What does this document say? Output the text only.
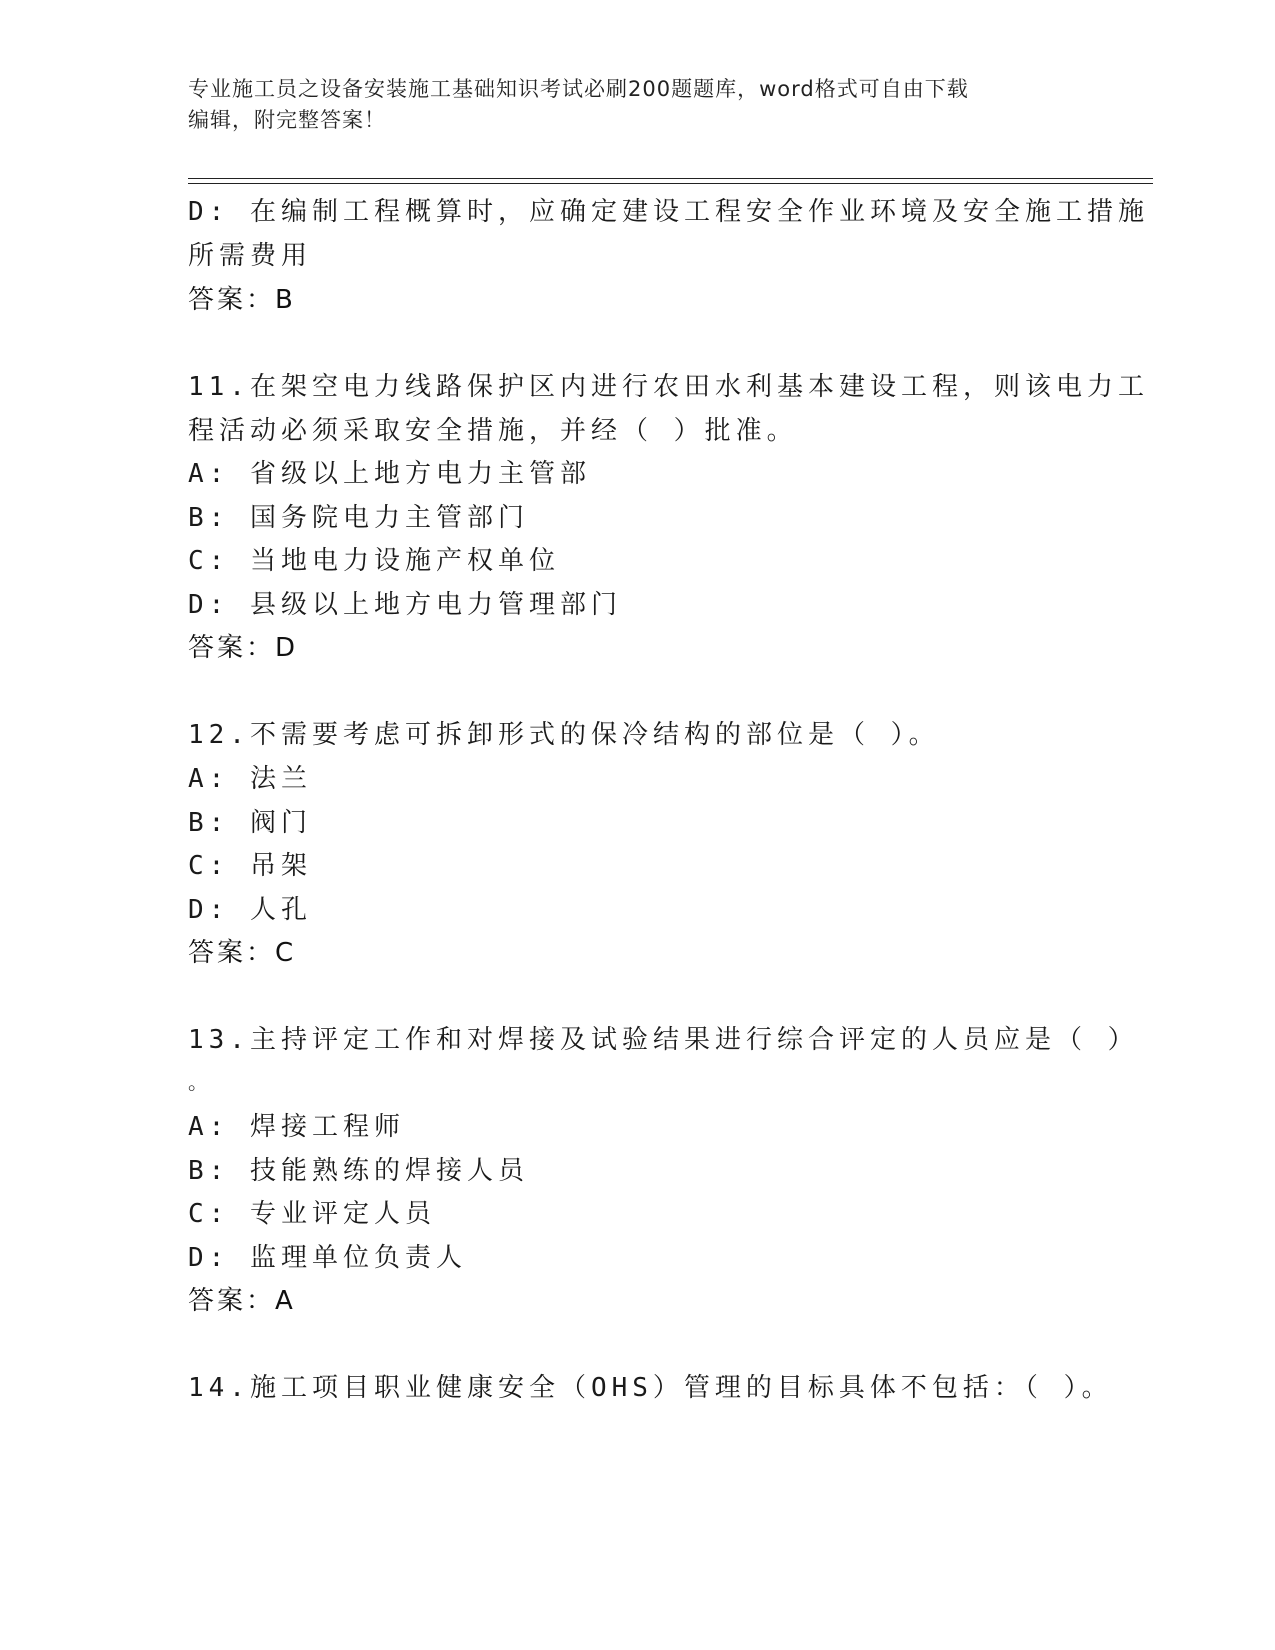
专业施工员之设备安装施工基础知识考试必刷200题题库，word格式可自由下载
编辑，附完整答案！
D: 在编制工程概算时，应确定建设工程安全作业环境及安全施工措施
所需费用
答案：B
11.在架空电力线路保护区内进行农田水利基本建设工程，则该电力工
程活动必须采取安全措施，并经（ ）批准。
A: 省级以上地方电力主管部
B: 国务院电力主管部门
C: 当地电力设施产权单位
D: 县级以上地方电力管理部门
答案：D
12.不需要考虑可拆卸形式的保冷结构的部位是（ ）。
A: 法兰
B: 阀门
C: 吊架
D: 人孔
答案：C
13.主持评定工作和对焊接及试验结果进行综合评定的人员应是（ ）
。
A: 焊接工程师
B: 技能熟练的焊接人员
C: 专业评定人员
D: 监理单位负责人
答案：A
14.施工项目职业健康安全（OHS）管理的目标具体不包括：（ ）。
